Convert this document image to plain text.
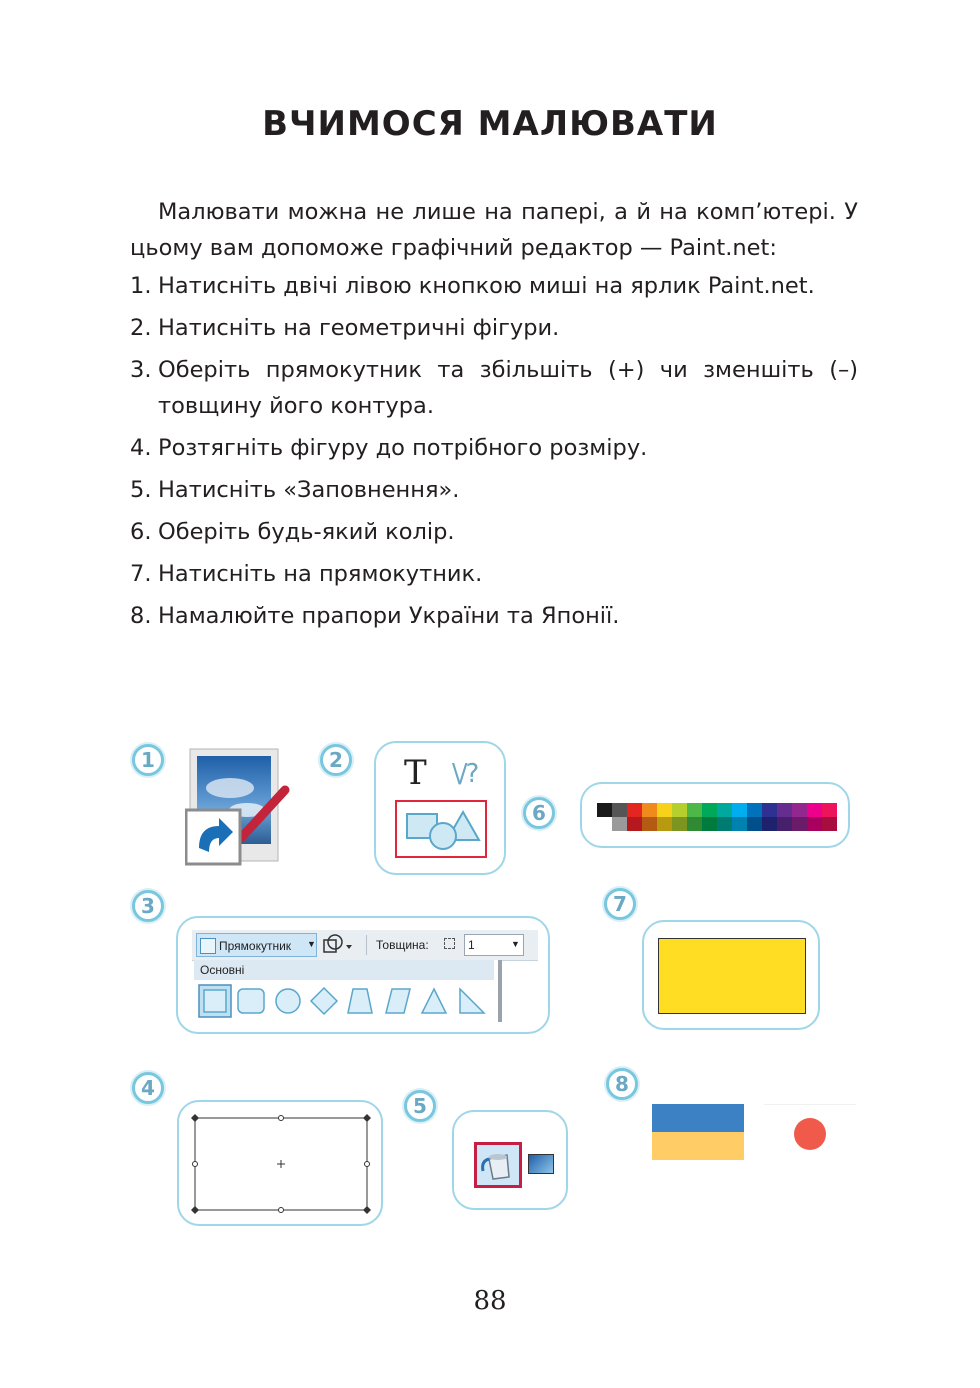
ВЧИМОСЯ МАЛЮВАТИ

Малювати можна не лише на папері, а й на комп’ютері. У цьому вам допоможе графічний редактор — Paint.net:

1. Натисніть двічі лівою кнопкою миші на ярлик Paint.net.
2. Натисніть на геометричні фігури.
3. Оберіть прямокутник та збільшіть (+) чи зменшіть (–) товщину його контура.
4. Розтягніть фігуру до потрібного розміру.
5. Натисніть «Заповнення».
6. Оберіть будь-який колір.
7. Натисніть на прямокутник.
8. Намалюйте прапори України та Японії.
1	2 T \/?
6
3
Прямокутник ▼	Товщина:	1	▼
Основні
7
4
5
8
88
